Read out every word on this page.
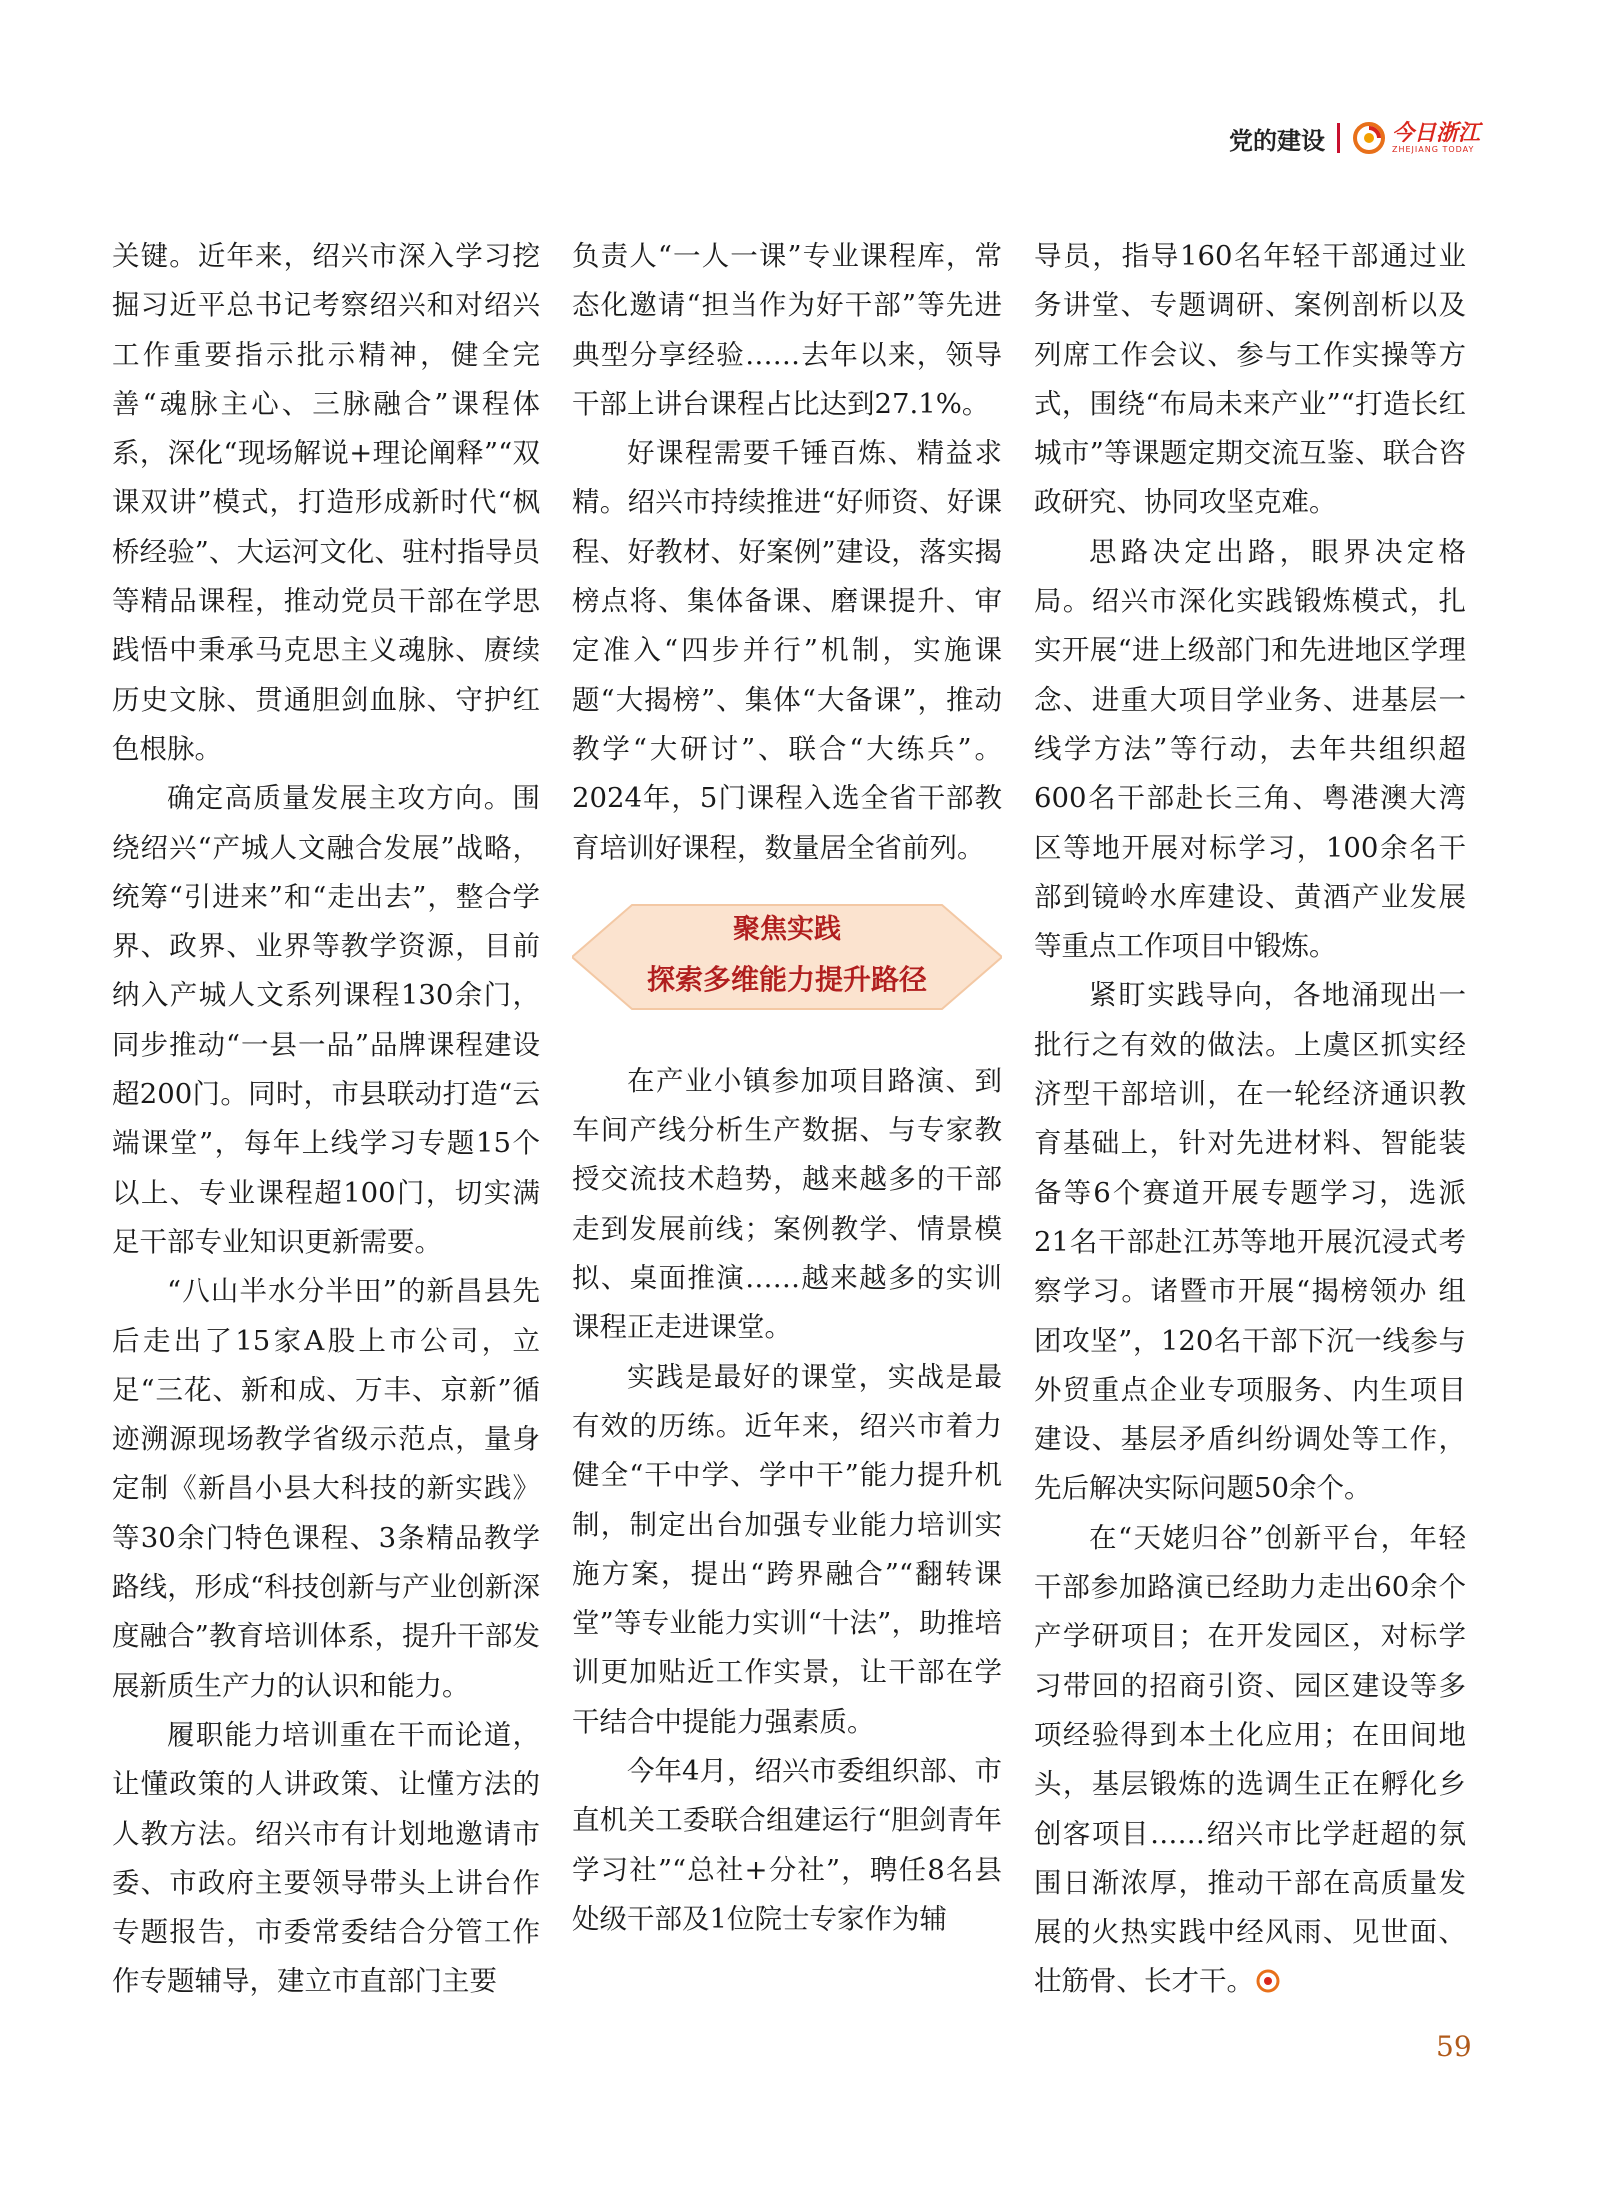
党的建设	今日浙江
ZHEJIANG TODAY

关键。近年来，绍兴市深入学习挖掘习近平总书记考察绍兴和对绍兴工作重要指示批示精神，健全完善“魂脉主心、三脉融合”课程体系，深化“现场解说+理论阐释”“双课双讲”模式，打造形成新时代“枫桥经验”、大运河文化、驻村指导员等精品课程，推动党员干部在学思践悟中秉承马克思主义魂脉、赓续历史文脉、贯通胆剑血脉、守护红色根脉。

确定高质量发展主攻方向。围绕绍兴“产城人文融合发展”战略，统筹“引进来”和“走出去”，整合学界、政界、业界等教学资源，目前纳入产城人文系列课程130余门，同步推动“一县一品”品牌课程建设超200门。同时，市县联动打造“云端课堂”，每年上线学习专题15个以上、专业课程超100门，切实满足干部专业知识更新需要。

“八山半水分半田”的新昌县先后走出了15家A股上市公司，立足“三花、新和成、万丰、京新”循迹溯源现场教学省级示范点，量身定制《新昌小县大科技的新实践》等30余门特色课程、3条精品教学路线，形成“科技创新与产业创新深度融合”教育培训体系，提升干部发展新质生产力的认识和能力。

履职能力培训重在干而论道，让懂政策的人讲政策、让懂方法的人教方法。绍兴市有计划地邀请市委、市政府主要领导带头上讲台作专题报告，市委常委结合分管工作作专题辅导，建立市直部门主要

负责人“一人一课”专业课程库，常态化邀请“担当作为好干部”等先进典型分享经验……去年以来，领导干部上讲台课程占比达到27.1%。

好课程需要千锤百炼、精益求精。绍兴市持续推进“好师资、好课程、好教材、好案例”建设，落实揭榜点将、集体备课、磨课提升、审定准入“四步并行”机制，实施课题“大揭榜”、集体“大备课”，推动教学“大研讨”、联合“大练兵”。2024年，5门课程入选全省干部教育培训好课程，数量居全省前列。

聚焦实践
探索多维能力提升路径

在产业小镇参加项目路演、到车间产线分析生产数据、与专家教授交流技术趋势，越来越多的干部走到发展前线；案例教学、情景模拟、桌面推演……越来越多的实训课程正走进课堂。

实践是最好的课堂，实战是最有效的历练。近年来，绍兴市着力健全“干中学、学中干”能力提升机制，制定出台加强专业能力培训实施方案，提出“跨界融合”“翻转课堂”等专业能力实训“十法”，助推培训更加贴近工作实景，让干部在学干结合中提能力强素质。

今年4月，绍兴市委组织部、市直机关工委联合组建运行“胆剑青年学习社”“总社+分社”，聘任8名县处级干部及1位院士专家作为辅

导员，指导160名年轻干部通过业务讲堂、专题调研、案例剖析以及列席工作会议、参与工作实操等方式，围绕“布局未来产业”“打造长红城市”等课题定期交流互鉴、联合咨政研究、协同攻坚克难。

思路决定出路，眼界决定格局。绍兴市深化实践锻炼模式，扎实开展“进上级部门和先进地区学理念、进重大项目学业务、进基层一线学方法”等行动，去年共组织超600名干部赴长三角、粤港澳大湾区等地开展对标学习，100余名干部到镜岭水库建设、黄酒产业发展等重点工作项目中锻炼。

紧盯实践导向，各地涌现出一批行之有效的做法。上虞区抓实经济型干部培训，在一轮经济通识教育基础上，针对先进材料、智能装备等6个赛道开展专题学习，选派21名干部赴江苏等地开展沉浸式考察学习。诸暨市开展“揭榜领办 组团攻坚”，120名干部下沉一线参与外贸重点企业专项服务、内生项目建设、基层矛盾纠纷调处等工作，先后解决实际问题50余个。

在“天姥归谷”创新平台，年轻干部参加路演已经助力走出60余个产学研项目；在开发园区，对标学习带回的招商引资、园区建设等多项经验得到本土化应用；在田间地头，基层锻炼的选调生正在孵化乡创客项目……绍兴市比学赶超的氛围日渐浓厚，推动干部在高质量发展的火热实践中经风雨、见世面、壮筋骨、长才干。

59
